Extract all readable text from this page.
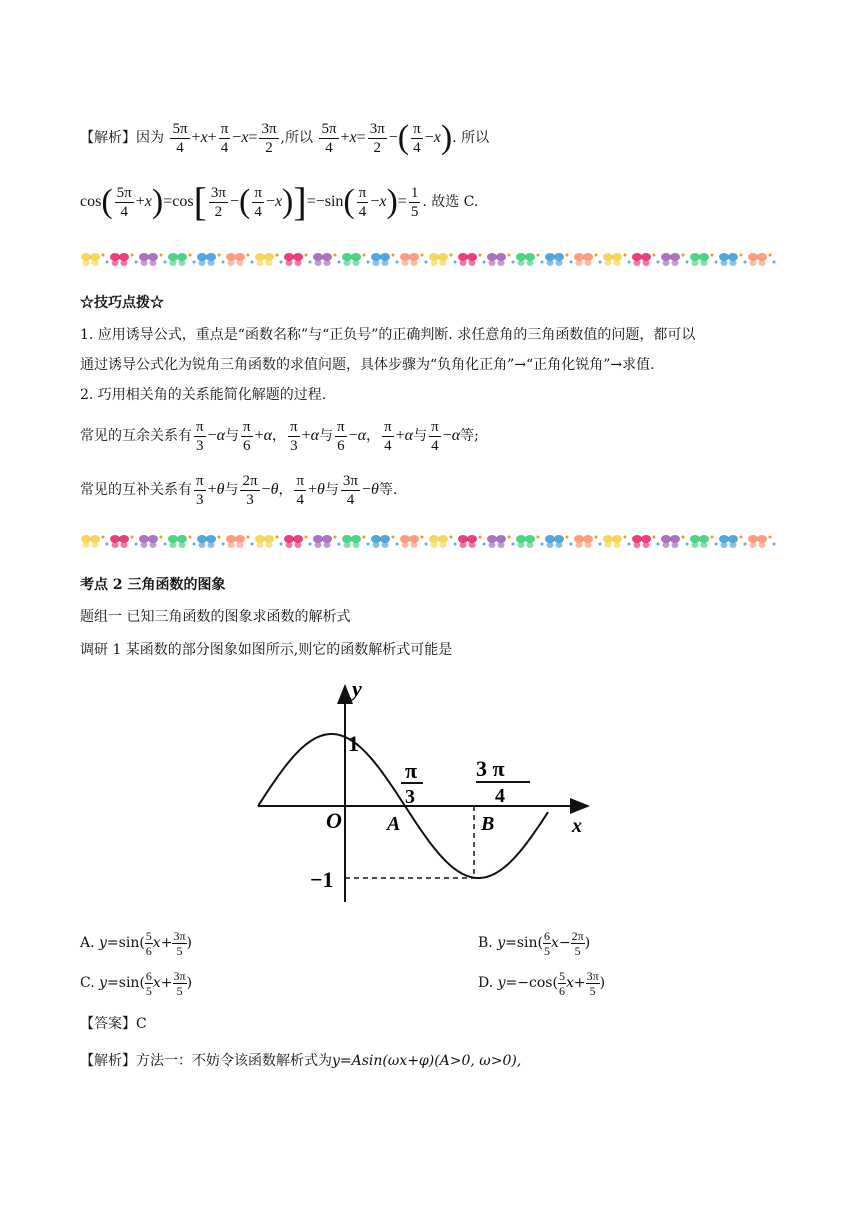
【解析】因为 $\frac{5\pi}{4} +x+ \frac{\pi}{4} -x= \frac{3\pi}{2}$ ,所以 $\frac{5\pi}{4} +x= \frac{3\pi}{2}$ −( $\frac{\pi}{4} -x$). 所以
$\cos( \frac{5\pi}{4} +x)=\cos[ \frac{3\pi}{2}$ −( $\frac{\pi}{4} -x)]=-\sin( \frac{\pi}{4} -x)= \frac{1}{5}$ . 故选 C.
☆技巧点拨☆
1. 应用诱导公式，重点是“函数名称”与“正负号”的正确判断. 求任意角的三角函数值的问题，都可以
通过诱导公式化为锐角三角函数的求值问题，具体步骤为“负角化正角”→“正角化锐角”→求值.
2. 巧用相关角的关系能简化解题的过程.
常见的互余关系有 $\frac{\pi}{3} -\alpha$与 $\frac{\pi}{6} +\alpha$， $\frac{\pi}{3} +\alpha$与 $\frac{\pi}{6} -\alpha$， $\frac{\pi}{4} +\alpha$与 $\frac{\pi}{4} -\alpha$等;
常见的互补关系有 $\frac{\pi}{3} +\theta$与 $\frac{2\pi}{3} -\theta$， $\frac{\pi}{4} +\theta$与 $\frac{3\pi}{4} -\theta$等.
考点 2 三角函数的图象
题组一 已知三角函数的图象求函数的解析式
调研 1 某函数的部分图象如图所示,则它的函数解析式可能是
y
x
O
1
−1
π
3
3 π
4
A	B
A. $y=\sin( \frac{5}{6} x+ \frac{3\pi}{5}$ )	B. $y=\sin( \frac{6}{5} x- \frac{2\pi}{5}$ )
C. $y=\sin( \frac{6}{5} x+ \frac{3\pi}{5}$ )	D. $y=-\cos( \frac{5}{6} x+ \frac{3\pi}{5}$ )
【答案】C
【解析】方法一：不妨令该函数解析式为y=Asin(ωx+φ)(A>0, ω>0),
